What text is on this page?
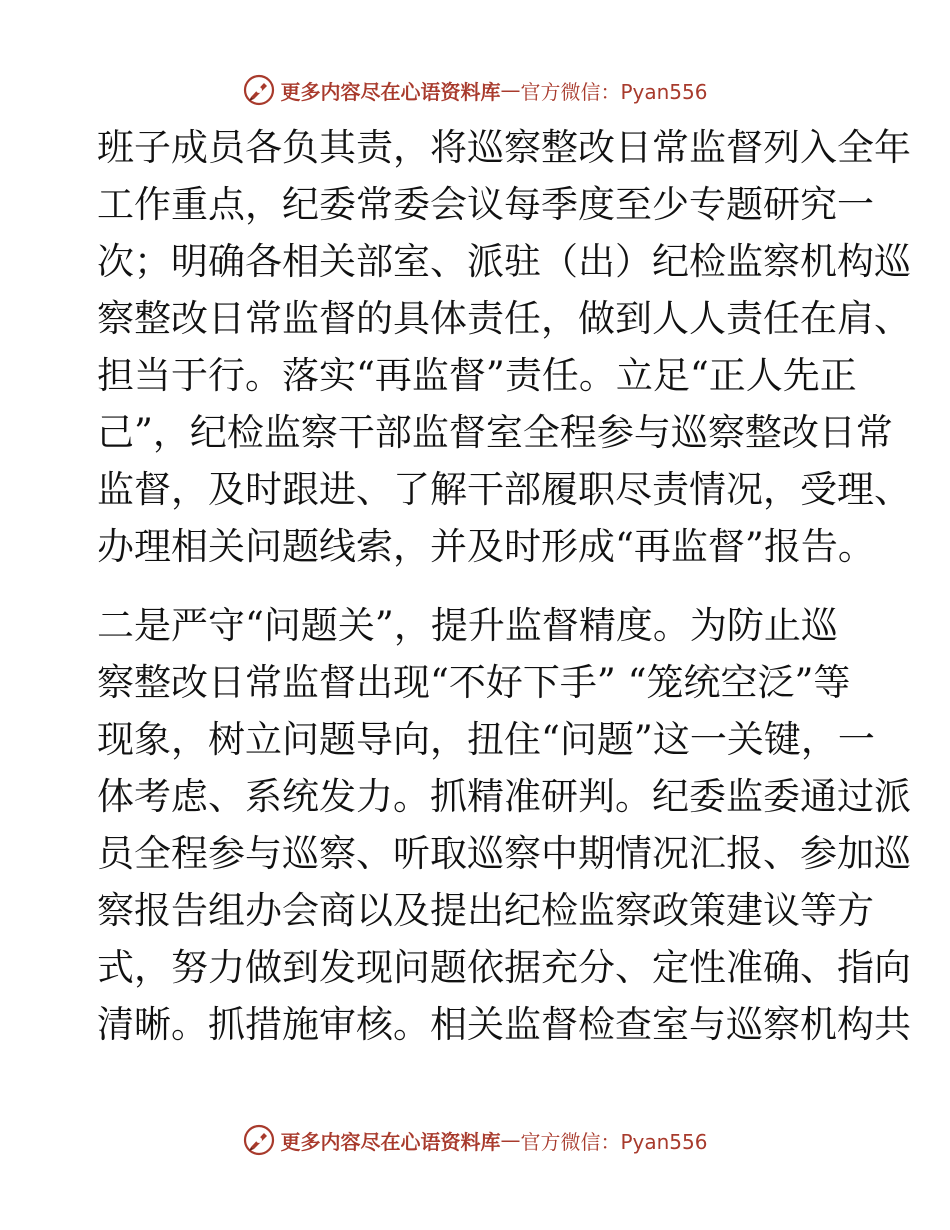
更多内容尽在心语资料库 — 官方微信：Pyan556
班子成员各负其责，将巡察整改日常监督列入全年
工作重点，纪委常委会议每季度至少专题研究一
次；明确各相关部室、派驻（出）纪检监察机构巡
察整改日常监督的具体责任，做到人人责任在肩、
担当于行。落实“再监督”责任。立足“正人先正
己”，纪检监察干部监督室全程参与巡察整改日常
监督，及时跟进、了解干部履职尽责情况，受理、
办理相关问题线索，并及时形成“再监督”报告。
二是严守“问题关”，提升监督精度。为防止巡
察整改日常监督出现“不好下手” “笼统空泛”等
现象，树立问题导向，扭住“问题”这一关键，一
体考虑、系统发力。抓精准研判。纪委监委通过派
员全程参与巡察、听取巡察中期情况汇报、参加巡
察报告组办会商以及提出纪检监察政策建议等方
式，努力做到发现问题依据充分、定性准确、指向
清晰。抓措施审核。相关监督检查室与巡察机构共
更多内容尽在心语资料库 — 官方微信：Pyan556
